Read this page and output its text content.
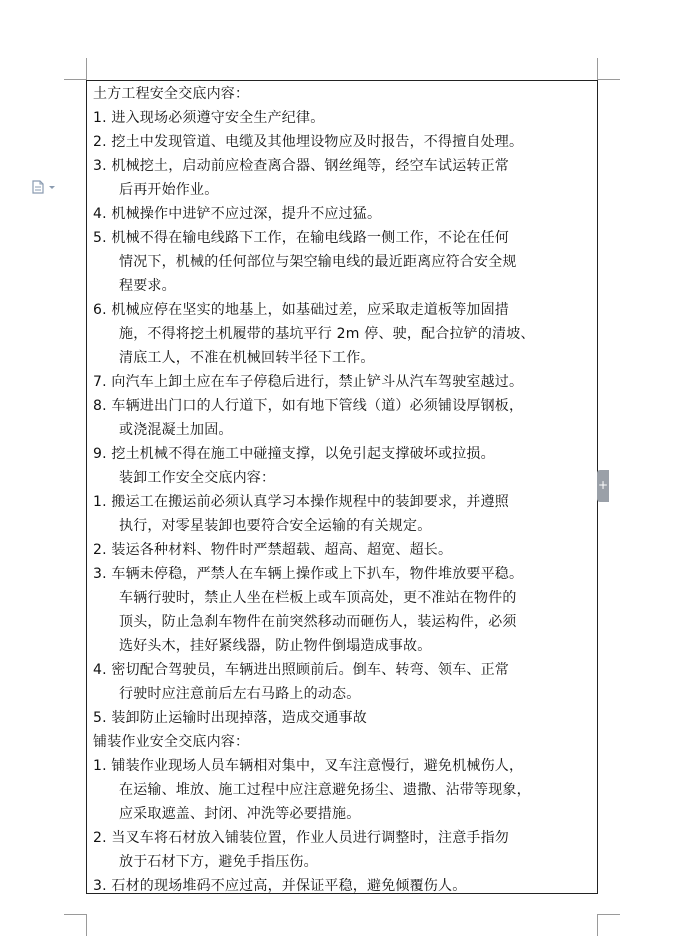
+
土方工程安全交底内容：
1. 进入现场必须遵守安全生产纪律。
2. 挖土中发现管道、电缆及其他埋设物应及时报告，不得擅自处理。
3. 机械挖土，启动前应检查离合器、钢丝绳等，经空车试运转正常
后再开始作业。
4. 机械操作中进铲不应过深，提升不应过猛。
5. 机械不得在输电线路下工作，在输电线路一侧工作，不论在任何
情况下，机械的任何部位与架空输电线的最近距离应符合安全规
程要求。
6. 机械应停在坚实的地基上，如基础过差，应采取走道板等加固措
施，不得将挖土机履带的基坑平行 2m 停、驶，配合拉铲的清坡、
清底工人，不准在机械回转半径下工作。
7. 向汽车上卸土应在车子停稳后进行，禁止铲斗从汽车驾驶室越过。
8. 车辆进出门口的人行道下，如有地下管线（道）必须铺设厚钢板，
或浇混凝土加固。
9. 挖土机械不得在施工中碰撞支撑，以免引起支撑破坏或拉损。
装卸工作安全交底内容：
1. 搬运工在搬运前必须认真学习本操作规程中的装卸要求，并遵照
执行，对零星装卸也要符合安全运输的有关规定。
2. 装运各种材料、物件时严禁超载、超高、超宽、超长。
3. 车辆未停稳，严禁人在车辆上操作或上下扒车，物件堆放要平稳。
车辆行驶时，禁止人坐在栏板上或车顶高处，更不准站在物件的
顶头，防止急刹车物件在前突然移动而砸伤人，装运构件，必须
选好头木，挂好紧线器，防止物件倒塌造成事故。
4. 密切配合驾驶员，车辆进出照顾前后。倒车、转弯、领车、正常
行驶时应注意前后左右马路上的动态。
5. 装卸防止运输时出现掉落，造成交通事故
铺装作业安全交底内容：
1. 铺装作业现场人员车辆相对集中，叉车注意慢行，避免机械伤人，
在运输、堆放、施工过程中应注意避免扬尘、遗撒、沾带等现象，
应采取遮盖、封闭、冲洗等必要措施。
2. 当叉车将石材放入铺装位置，作业人员进行调整时，注意手指勿
放于石材下方，避免手指压伤。
3. 石材的现场堆码不应过高，并保证平稳，避免倾覆伤人。
